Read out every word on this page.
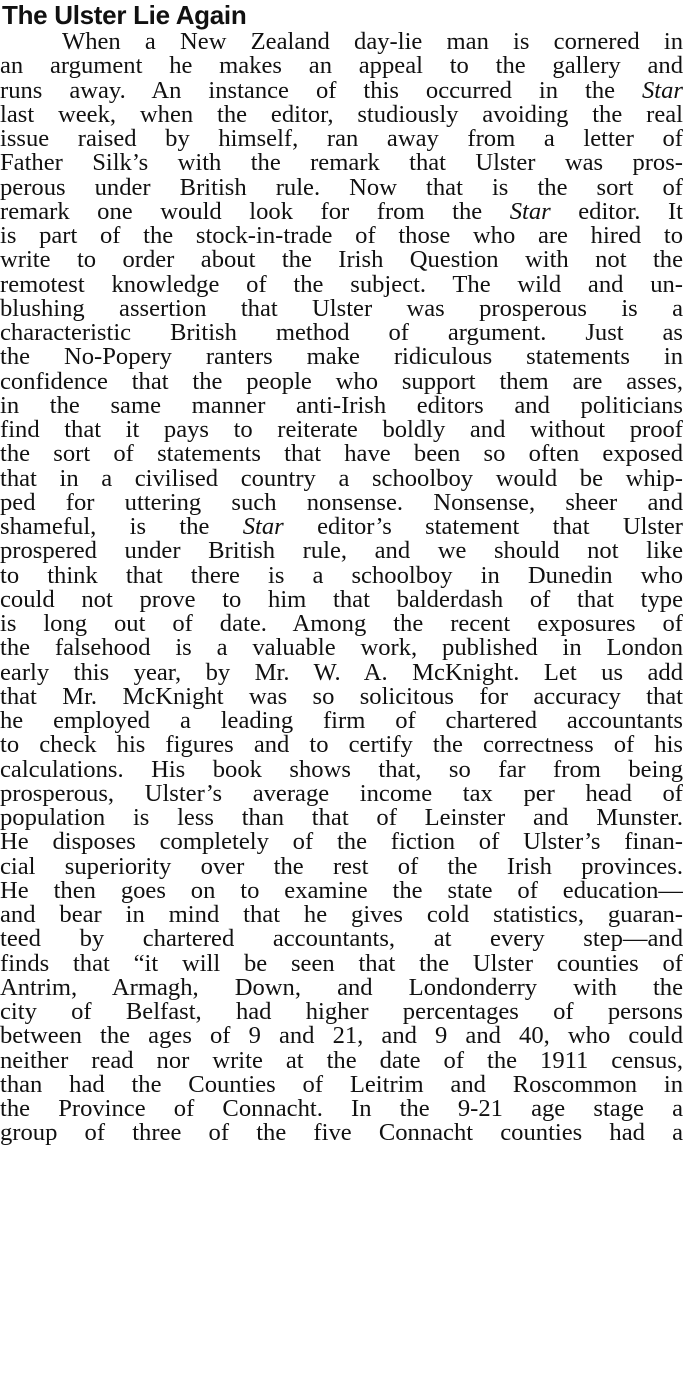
The Ulster Lie Again
When a New Zealand day-lie man is cornered in
an argument he makes an appeal to the gallery and
runs away. An instance of this occurred in the Star
last week, when the editor, studiously avoiding the real
issue raised by himself, ran away from a letter of
Father Silk’s with the remark that Ulster was pros-
perous under British rule. Now that is the sort of
remark one would look for from the Star editor. It
is part of the stock-in-trade of those who are hired to
write to order about the Irish Question with not the
remotest knowledge of the subject. The wild and un-
blushing assertion that Ulster was prosperous is a
characteristic British method of argument. Just as
the No-Popery ranters make ridiculous statements in
confidence that the people who support them are asses,
in the same manner anti-Irish editors and politicians
find that it pays to reiterate boldly and without proof
the sort of statements that have been so often exposed
that in a civilised country a schoolboy would be whip-
ped for uttering such nonsense. Nonsense, sheer and
shameful, is the Star editor’s statement that Ulster
prospered under British rule, and we should not like
to think that there is a schoolboy in Dunedin who
could not prove to him that balderdash of that type
is long out of date. Among the recent exposures of
the falsehood is a valuable work, published in London
early this year, by Mr. W. A. McKnight. Let us add
that Mr. McKnight was so solicitous for accuracy that
he employed a leading firm of chartered accountants
to check his figures and to certify the correctness of his
calculations. His book shows that, so far from being
prosperous, Ulster’s average income tax per head of
population is less than that of Leinster and Munster.
He disposes completely of the fiction of Ulster’s finan-
cial superiority over the rest of the Irish provinces.
He then goes on to examine the state of education—
and bear in mind that he gives cold statistics, guaran-
teed by chartered accountants, at every step—and
finds that “it will be seen that the Ulster counties of
Antrim, Armagh, Down, and Londonderry with the
city of Belfast, had higher percentages of persons
between the ages of 9 and 21, and 9 and 40, who could
neither read nor write at the date of the 1911 census,
than had the Counties of Leitrim and Roscommon in
the Province of Connacht. In the 9-21 age stage a
group of three of the five Connacht counties had a
